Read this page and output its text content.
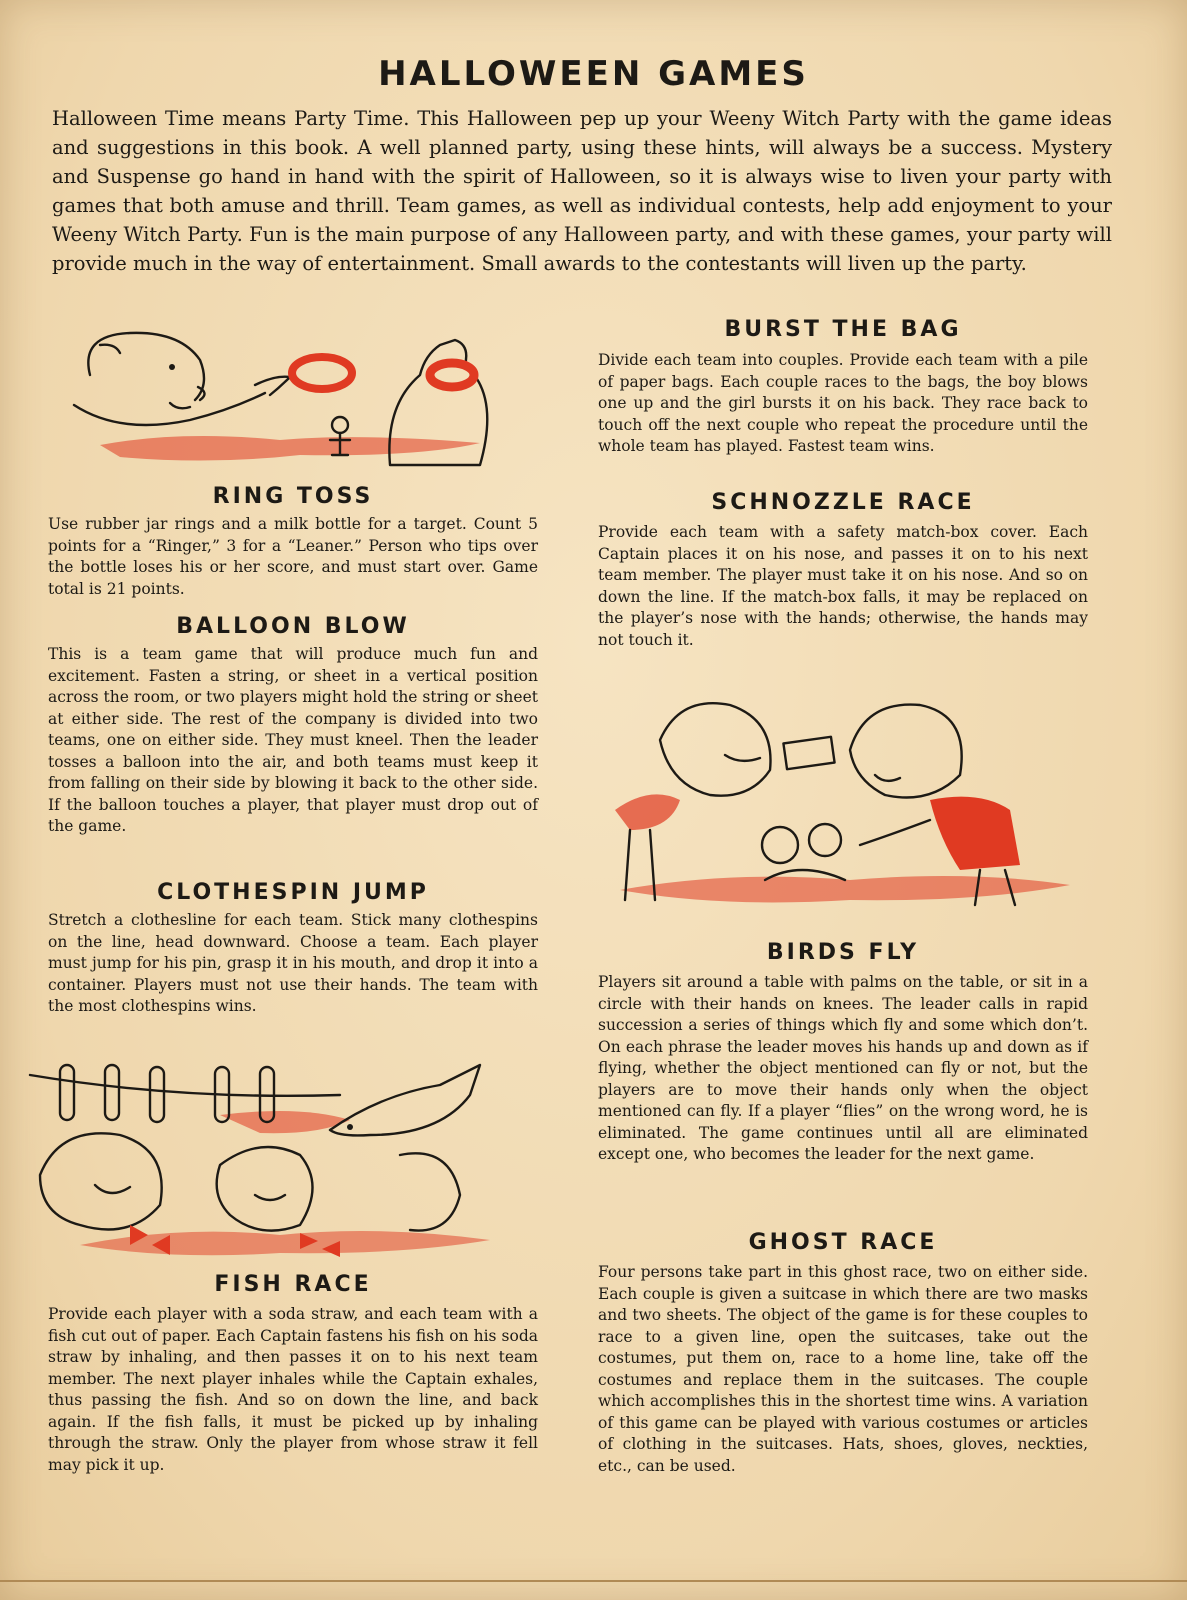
HALLOWEEN GAMES

Halloween Time means Party Time. This Halloween pep up your Weeny Witch Party with the game ideas and suggestions in this book. A well planned party, using these hints, will always be a success. Mystery and Suspense go hand in hand with the spirit of Halloween, so it is always wise to liven your party with games that both amuse and thrill. Team games, as well as individual contests, help add enjoyment to your Weeny Witch Party. Fun is the main purpose of any Halloween party, and with these games, your party will provide much in the way of entertainment. Small awards to the contestants will liven up the party.

RING TOSS

Use rubber jar rings and a milk bottle for a target. Count 5 points for a “Ringer,” 3 for a “Leaner.” Person who tips over the bottle loses his or her score, and must start over. Game total is 21 points.

BALLOON BLOW

This is a team game that will produce much fun and excitement. Fasten a string, or sheet in a vertical position across the room, or two players might hold the string or sheet at either side. The rest of the company is divided into two teams, one on either side. They must kneel. Then the leader tosses a balloon into the air, and both teams must keep it from falling on their side by blowing it back to the other side. If the balloon touches a player, that player must drop out of the game.

CLOTHESPIN JUMP

Stretch a clothesline for each team. Stick many clothespins on the line, head downward. Choose a team. Each player must jump for his pin, grasp it in his mouth, and drop it into a container. Players must not use their hands. The team with the most clothespins wins.

FISH RACE

Provide each player with a soda straw, and each team with a fish cut out of paper. Each Captain fastens his fish on his soda straw by inhaling, and then passes it on to his next team member. The next player inhales while the Captain exhales, thus passing the fish. And so on down the line, and back again. If the fish falls, it must be picked up by inhaling through the straw. Only the player from whose straw it fell may pick it up.

BURST THE BAG

Divide each team into couples. Provide each team with a pile of paper bags. Each couple races to the bags, the boy blows one up and the girl bursts it on his back. They race back to touch off the next couple who repeat the procedure until the whole team has played. Fastest team wins.

SCHNOZZLE RACE

Provide each team with a safety match-box cover. Each Captain places it on his nose, and passes it on to his next team member. The player must take it on his nose. And so on down the line. If the match-box falls, it may be replaced on the player’s nose with the hands; otherwise, the hands may not touch it.

BIRDS FLY

Players sit around a table with palms on the table, or sit in a circle with their hands on knees. The leader calls in rapid succession a series of things which fly and some which don’t. On each phrase the leader moves his hands up and down as if flying, whether the object mentioned can fly or not, but the players are to move their hands only when the object mentioned can fly. If a player “flies” on the wrong word, he is eliminated. The game continues until all are eliminated except one, who becomes the leader for the next game.

GHOST RACE

Four persons take part in this ghost race, two on either side. Each couple is given a suitcase in which there are two masks and two sheets. The object of the game is for these couples to race to a given line, open the suitcases, take out the costumes, put them on, race to a home line, take off the costumes and replace them in the suitcases. The couple which accomplishes this in the shortest time wins. A variation of this game can be played with various costumes or articles of clothing in the suitcases. Hats, shoes, gloves, neckties, etc., can be used.
